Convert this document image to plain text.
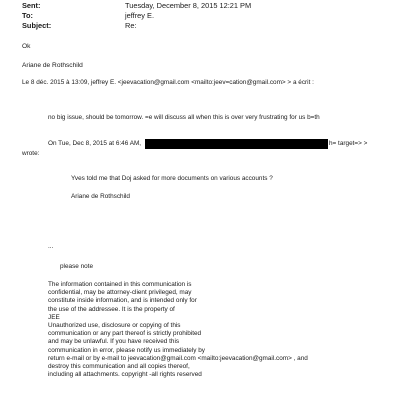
Sent:	Tuesday, December 8, 2015 12:21 PM
To:	jeffrey E.
Subject:	Re:
Ok
Ariane de Rothschild
Le 8 déc. 2015 à 13:09, jeffrey E. <jeevacation@gmail.com <mailto:jeev=cation@gmail.com> > a écrit :
no big issue, should be tomorrow. =e will discuss all when this is over very frustrating for us b=th
On Tue, Dec 8, 2015 at 6:46 AM,	h= target=> >
wrote:
Yves told me that Doj asked for more documents on various accounts ?
Ariane de Rothschild
...
please note
The information contained in this communication is
confidential, may be attorney-client privileged, may
constitute inside information, and is intended only for
the use of the addressee. It is the property of
JEE
Unauthorized use, disclosure or copying of this
communication or any part thereof is strictly prohibited
and may be unlawful. If you have received this
communication in error, please notify us immediately by
return e-mail or by e-mail to jeevacation@gmail.com <mailto:jeevacation@gmail.com> , and
destroy this communication and all copies thereof,
including all attachments. copyright -all rights reserved
